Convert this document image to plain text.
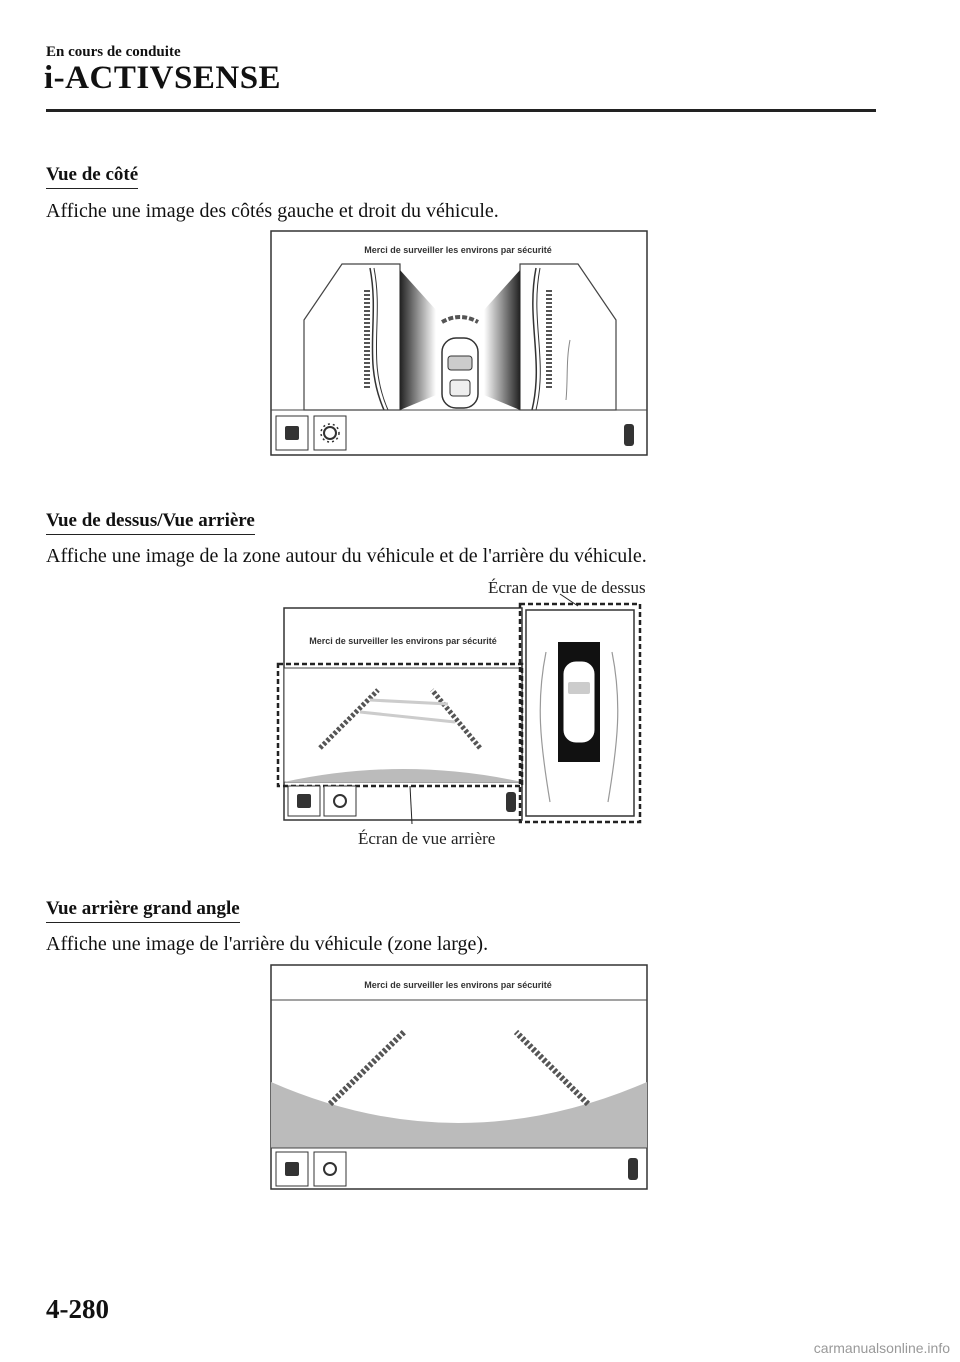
En cours de conduite
i-ACTIVSENSE
Vue de côté
Affiche une image des côtés gauche et droit du véhicule.
Merci de surveiller les environs par sécurité
Vue de dessus/Vue arrière
Affiche une image de la zone autour du véhicule et de l'arrière du véhicule.
Écran de vue de dessus
Merci de surveiller les environs par sécurité
Écran de vue arrière
Vue arrière grand angle
Affiche une image de l'arrière du véhicule (zone large).
Merci de surveiller les environs par sécurité
4-280
carmanualsonline.info
